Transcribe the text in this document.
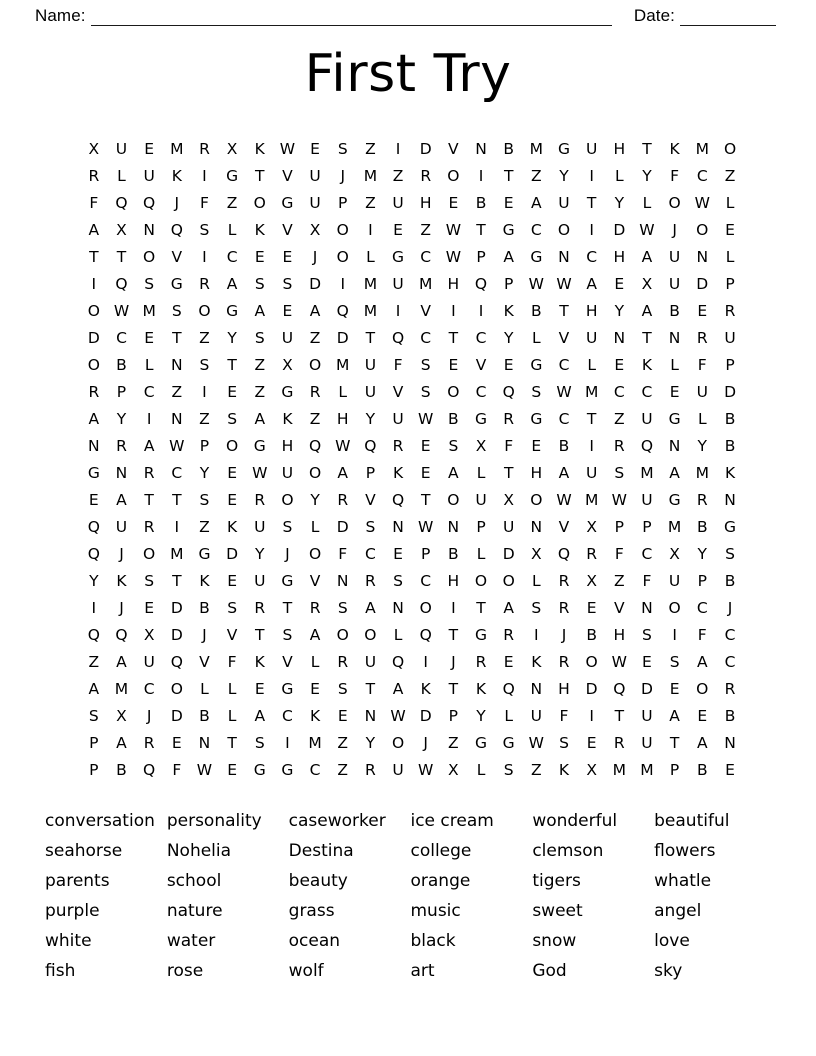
Name:	Date:
First Try
X	U	E	M	R	X	K	W	E	S	Z	I	D	V	N	B	M	G	U	H	T	K	M	O
R	L	U	K	I	G	T	V	U	J	M	Z	R	O	I	T	Z	Y	I	L	Y	F	C	Z
F	Q	Q	J	F	Z	O	G	U	P	Z	U	H	E	B	E	A	U	T	Y	L	O	W	L
A	X	N	Q	S	L	K	V	X	O	I	E	Z	W	T	G	C	O	I	D	W	J	O	E
T	T	O	V	I	C	E	E	J	O	L	G	C	W	P	A	G	N	C	H	A	U	N	L
I	Q	S	G	R	A	S	S	D	I	M	U	M	H	Q	P	W	W	A	E	X	U	D	P
O	W	M	S	O	G	A	E	A	Q	M	I	V	I	I	K	B	T	H	Y	A	B	E	R
D	C	E	T	Z	Y	S	U	Z	D	T	Q	C	T	C	Y	L	V	U	N	T	N	R	U
O	B	L	N	S	T	Z	X	O	M	U	F	S	E	V	E	G	C	L	E	K	L	F	P
R	P	C	Z	I	E	Z	G	R	L	U	V	S	O	C	Q	S	W	M	C	C	E	U	D
A	Y	I	N	Z	S	A	K	Z	H	Y	U	W	B	G	R	G	C	T	Z	U	G	L	B
N	R	A	W	P	O	G	H	Q	W	Q	R	E	S	X	F	E	B	I	R	Q	N	Y	B
G	N	R	C	Y	E	W	U	O	A	P	K	E	A	L	T	H	A	U	S	M	A	M	K
E	A	T	T	S	E	R	O	Y	R	V	Q	T	O	U	X	O	W	M	W	U	G	R	N
Q	U	R	I	Z	K	U	S	L	D	S	N	W	N	P	U	N	V	X	P	P	M	B	G
Q	J	O	M	G	D	Y	J	O	F	C	E	P	B	L	D	X	Q	R	F	C	X	Y	S
Y	K	S	T	K	E	U	G	V	N	R	S	C	H	O	O	L	R	X	Z	F	U	P	B
I	J	E	D	B	S	R	T	R	S	A	N	O	I	T	A	S	R	E	V	N	O	C	J
Q	Q	X	D	J	V	T	S	A	O	O	L	Q	T	G	R	I	J	B	H	S	I	F	C
Z	A	U	Q	V	F	K	V	L	R	U	Q	I	J	R	E	K	R	O	W	E	S	A	C
A	M	C	O	L	L	E	G	E	S	T	A	K	T	K	Q	N	H	D	Q	D	E	O	R
S	X	J	D	B	L	A	C	K	E	N	W	D	P	Y	L	U	F	I	T	U	A	E	B
P	A	R	E	N	T	S	I	M	Z	Y	O	J	Z	G	G	W	S	E	R	U	T	A	N
P	B	Q	F	W	E	G	G	C	Z	R	U	W	X	L	S	Z	K	X	M	M	P	B	E
conversation	personality	caseworker	ice cream	wonderful	beautiful
seahorse	Nohelia	Destina	college	clemson	flowers
parents	school	beauty	orange	tigers	whatle
purple	nature	grass	music	sweet	angel
white	water	ocean	black	snow	love
fish	rose	wolf	art	God	sky
